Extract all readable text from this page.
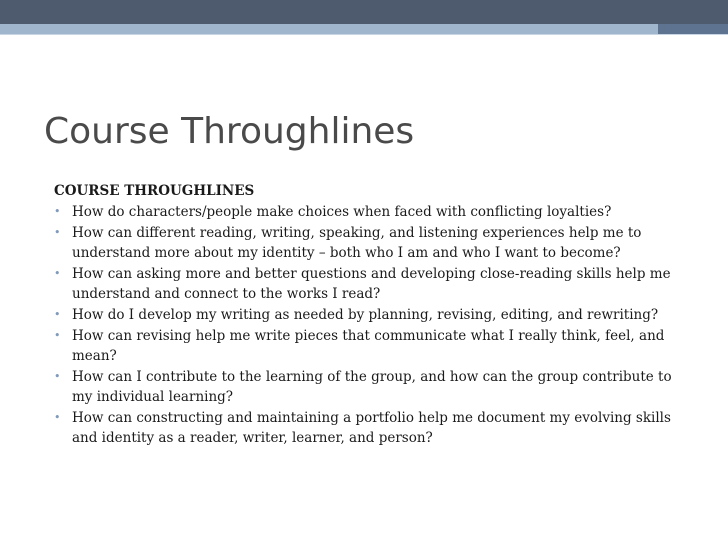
Course Throughlines
COURSE THROUGHLINES
• How do characters/people make choices when faced with conflicting loyalties?
• How can different reading, writing, speaking, and listening experiences help me to understand more about my identity – both who I am and who I want to become?
• How can asking more and better questions and developing close-reading skills help me understand and connect to the works I read?
• How do I develop my writing as needed by planning, revising, editing, and rewriting?
• How can revising help me write pieces that communicate what I really think, feel, and mean?
• How can I contribute to the learning of the group, and how can the group contribute to my individual learning?
• How can constructing and maintaining a portfolio help me document my evolving skills and identity as a reader, writer, learner, and person?
